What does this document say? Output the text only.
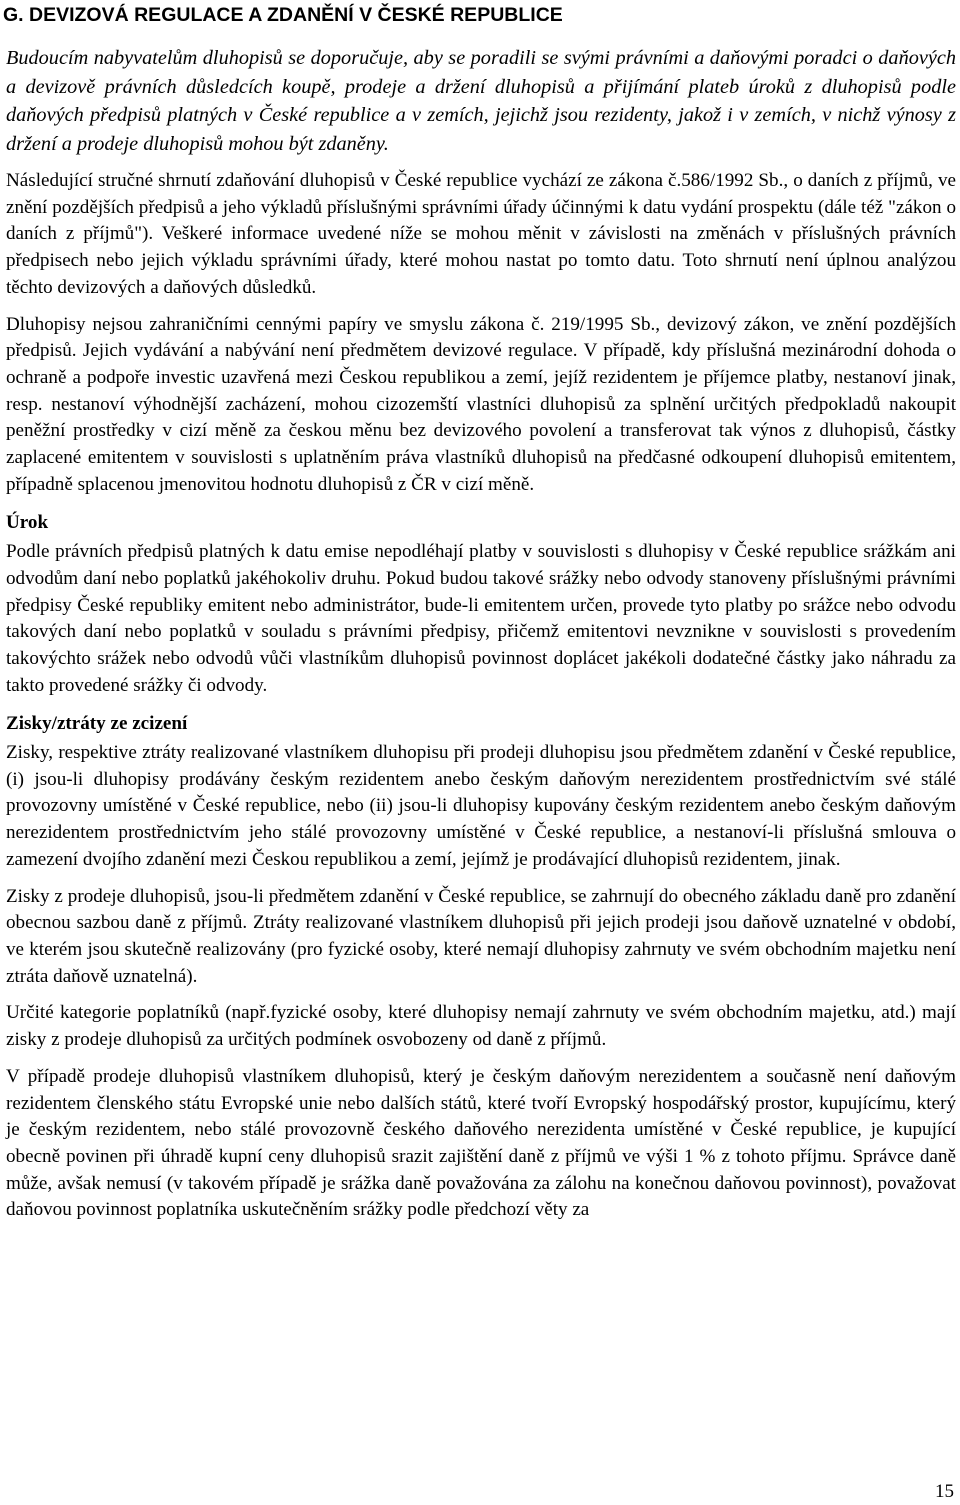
G. DEVIZOVÁ REGULACE A ZDANĚNÍ V ČESKÉ REPUBLICE

Budoucím nabyvatelům dluhopisů se doporučuje, aby se poradili se svými právními a daňovými poradci o daňových a devizově právních důsledcích koupě, prodeje a držení dluhopisů a přijímání plateb úroků z dluhopisů podle daňových předpisů platných v České republice a v zemích, jejichž jsou rezidenty, jakož i v zemích, v nichž výnosy z držení a prodeje dluhopisů mohou být zdaněny.

Následující stručné shrnutí zdaňování dluhopisů v České republice vychází ze zákona č.586/1992 Sb., o daních z příjmů, ve znění pozdějších předpisů a jeho výkladů příslušnými správními úřady účinnými k datu vydání prospektu (dále též "zákon o daních z příjmů"). Veškeré informace uvedené níže se mohou měnit v závislosti na změnách v příslušných právních předpisech nebo jejich výkladu správními úřady, které mohou nastat po tomto datu. Toto shrnutí není úplnou analýzou těchto devizových a daňových důsledků.

Dluhopisy nejsou zahraničními cennými papíry ve smyslu zákona č. 219/1995 Sb., devizový zákon, ve znění pozdějších předpisů. Jejich vydávání a nabývání není předmětem devizové regulace. V případě, kdy příslušná mezinárodní dohoda o ochraně a podpoře investic uzavřená mezi Českou republikou a zemí, jejíž rezidentem je příjemce platby, nestanoví jinak, resp. nestanoví výhodnější zacházení, mohou cizozemští vlastníci dluhopisů za splnění určitých předpokladů nakoupit peněžní prostředky v cizí měně za českou měnu bez devizového povolení a transferovat tak výnos z dluhopisů, částky zaplacené emitentem v souvislosti s uplatněním práva vlastníků dluhopisů na předčasné odkoupení dluhopisů emitentem, případně splacenou jmenovitou hodnotu dluhopisů z ČR v cizí měně.

Úrok

Podle právních předpisů platných k datu emise nepodléhají platby v souvislosti s dluhopisy v České republice srážkám ani odvodům daní nebo poplatků jakéhokoliv druhu. Pokud budou takové srážky nebo odvody stanoveny příslušnými právními předpisy České republiky emitent nebo administrátor, bude-li emitentem určen, provede tyto platby po srážce nebo odvodu takových daní nebo poplatků v souladu s právními předpisy, přičemž emitentovi nevznikne v souvislosti s provedením takovýchto srážek nebo odvodů vůči vlastníkům dluhopisů povinnost doplácet jakékoli dodatečné částky jako náhradu za takto provedené srážky či odvody.

Zisky/ztráty ze zcizení

Zisky, respektive ztráty realizované vlastníkem dluhopisu při prodeji dluhopisu jsou předmětem zdanění v České republice, (i) jsou-li dluhopisy prodávány českým rezidentem anebo českým daňovým nerezidentem prostřednictvím své stálé provozovny umístěné v České republice, nebo (ii) jsou-li dluhopisy kupovány českým rezidentem anebo českým daňovým nerezidentem prostřednictvím jeho stálé provozovny umístěné v České republice, a nestanoví-li příslušná smlouva o zamezení dvojího zdanění mezi Českou republikou a zemí, jejímž je prodávající dluhopisů rezidentem, jinak.

Zisky z prodeje dluhopisů, jsou-li předmětem zdanění v České republice, se zahrnují do obecného základu daně pro zdanění obecnou sazbou daně z příjmů. Ztráty realizované vlastníkem dluhopisů při jejich prodeji jsou daňově uznatelné v období, ve kterém jsou skutečně realizovány (pro fyzické osoby, které nemají dluhopisy zahrnuty ve svém obchodním majetku není ztráta daňově uznatelná).

Určité kategorie poplatníků (např.fyzické osoby, které dluhopisy nemají zahrnuty ve svém obchodním majetku, atd.) mají zisky z prodeje dluhopisů za určitých podmínek osvobozeny od daně z příjmů.

V případě prodeje dluhopisů vlastníkem dluhopisů, který je českým daňovým nerezidentem a současně není daňovým rezidentem členského státu Evropské unie nebo dalších států, které tvoří Evropský hospodářský prostor, kupujícímu, který je českým rezidentem, nebo stálé provozovně českého daňového nerezidenta umístěné v České republice, je kupující obecně povinen při úhradě kupní ceny dluhopisů srazit zajištění daně z příjmů ve výši 1 % z tohoto příjmu. Správce daně může, avšak nemusí (v takovém případě je srážka daně považována za zálohu na konečnou daňovou povinnost), považovat daňovou povinnost poplatníka uskutečněním srážky podle předchozí věty za

15
